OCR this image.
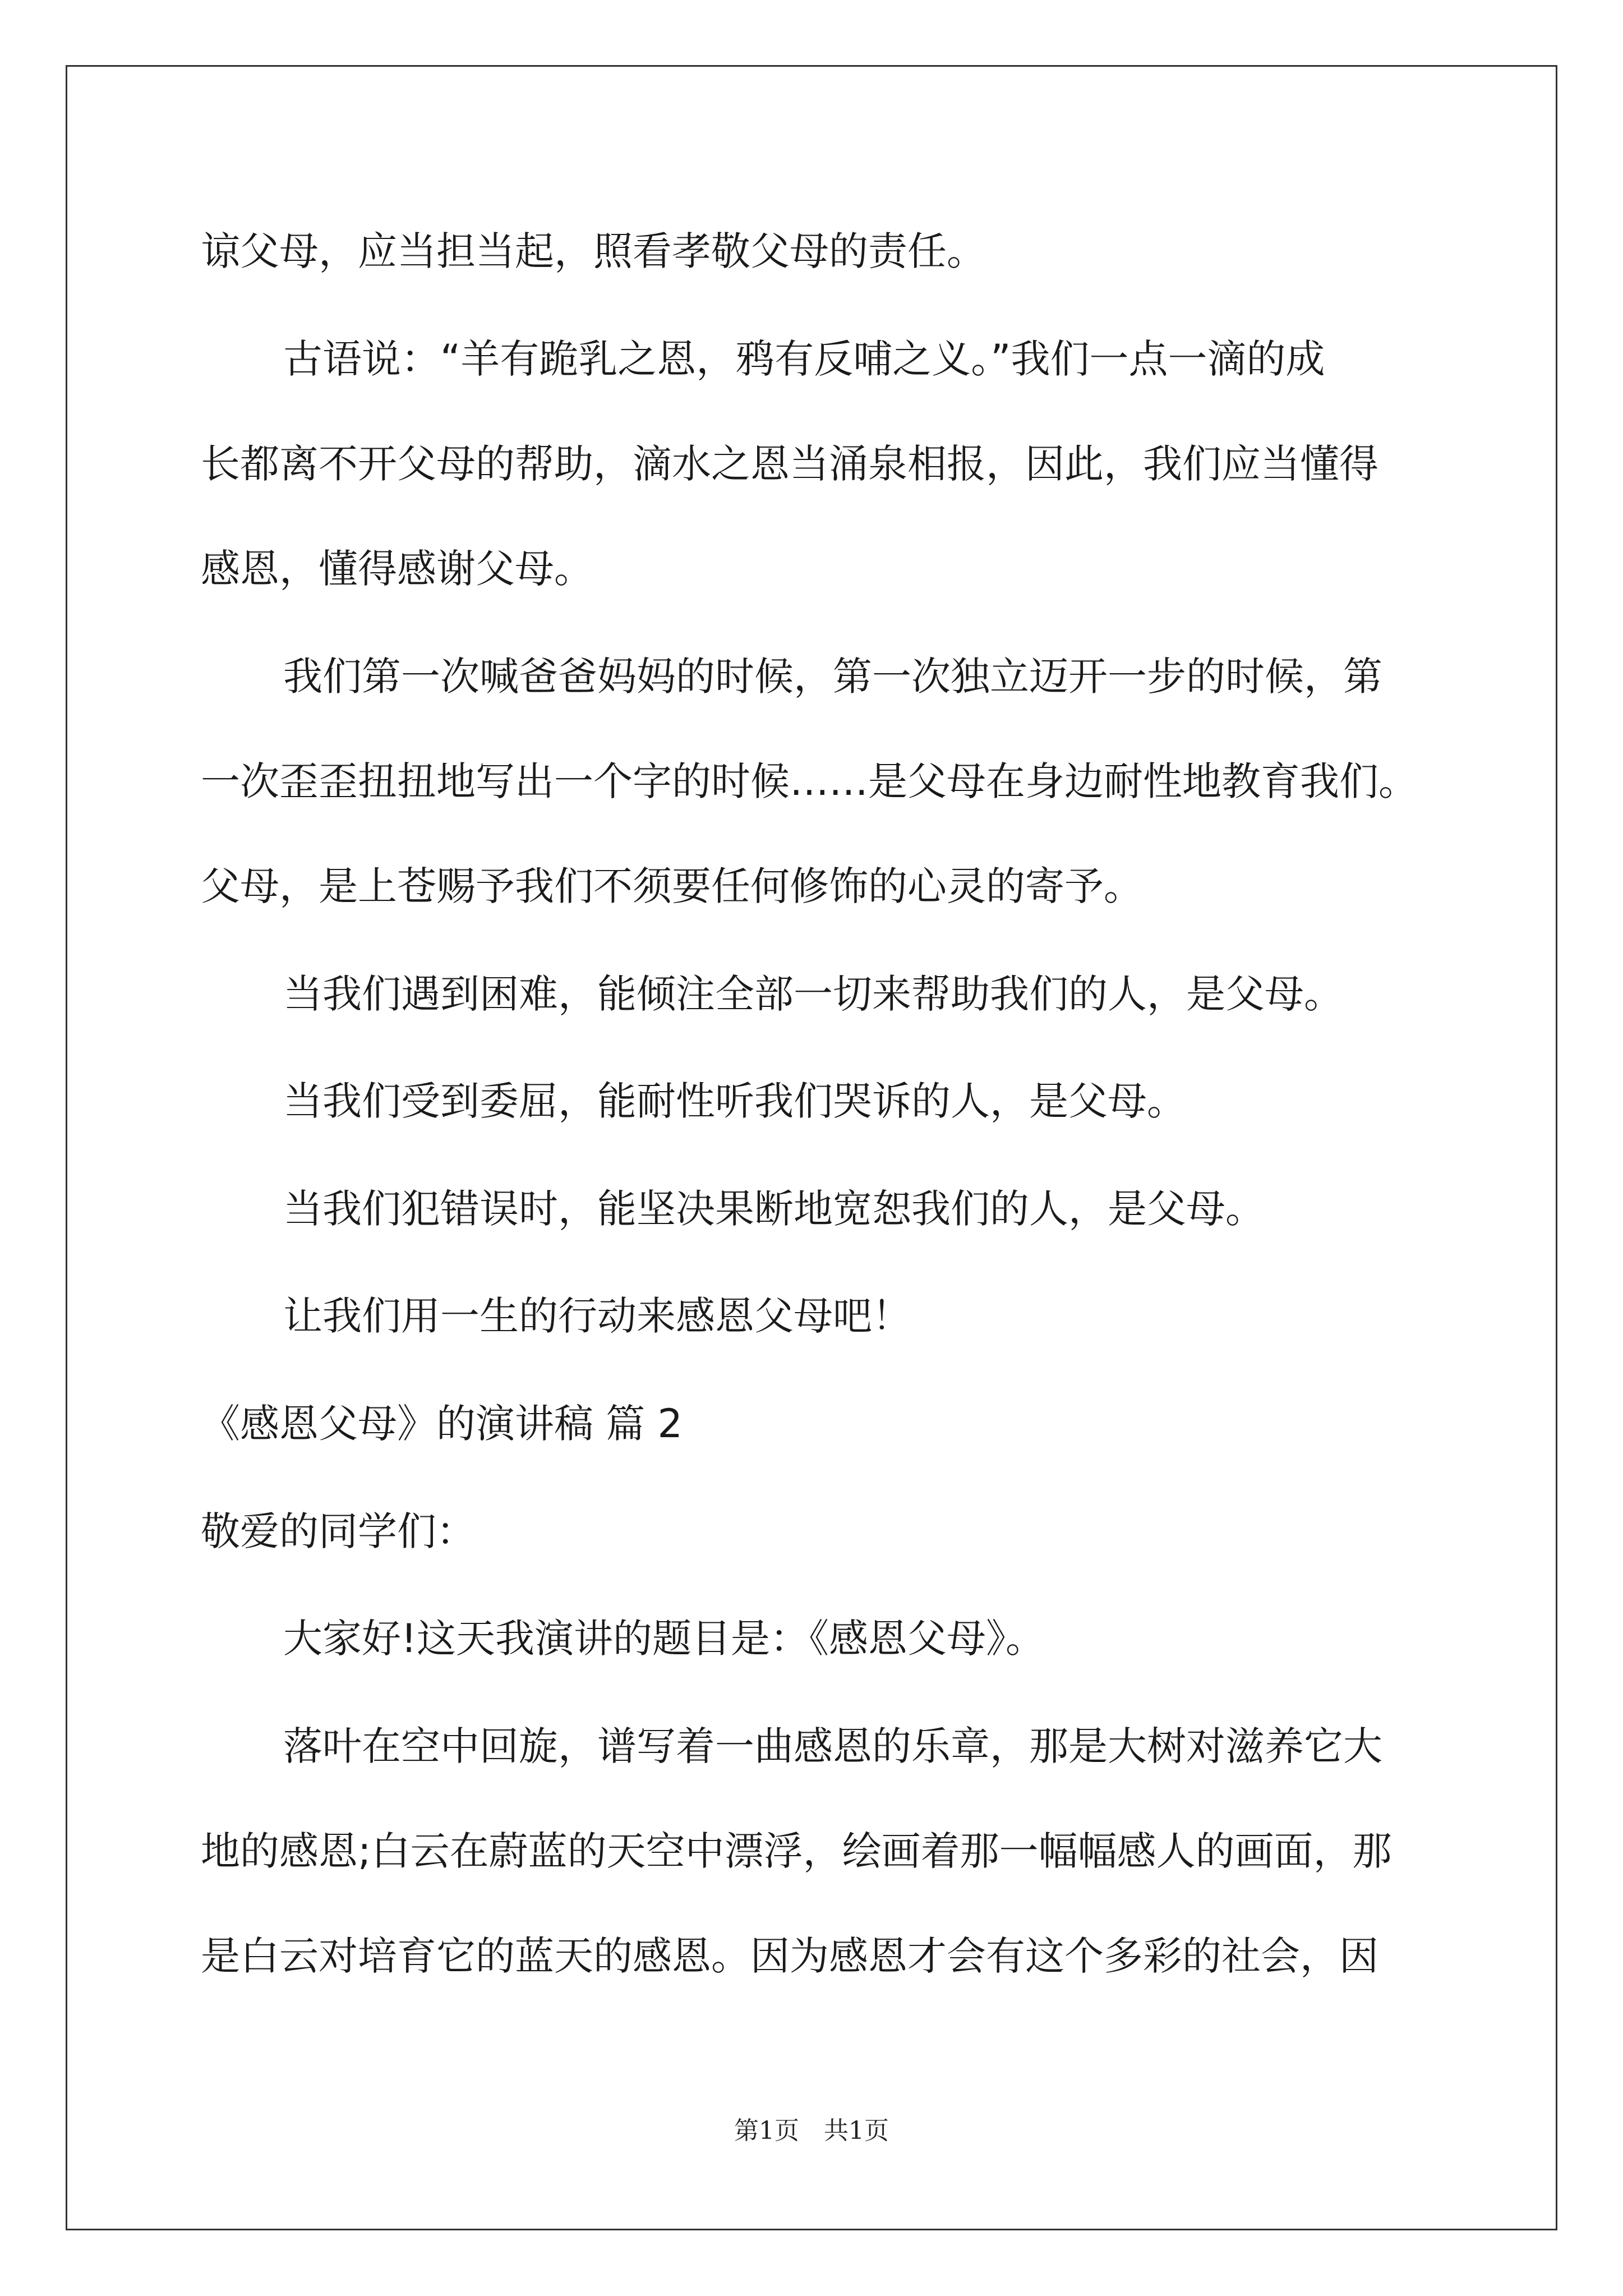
谅父母，应当担当起，照看孝敬父母的责任。
古语说：“羊有跪乳之恩，鸦有反哺之义。”我们一点一滴的成
长都离不开父母的帮助，滴水之恩当涌泉相报，因此，我们应当懂得
感恩，懂得感谢父母。
我们第一次喊爸爸妈妈的时候，第一次独立迈开一步的时候，第
一次歪歪扭扭地写出一个字的时候……是父母在身边耐性地教育我们。
父母，是上苍赐予我们不须要任何修饰的心灵的寄予。
当我们遇到困难，能倾注全部一切来帮助我们的人，是父母。
当我们受到委屈，能耐性听我们哭诉的人，是父母。
当我们犯错误时，能坚决果断地宽恕我们的人，是父母。
让我们用一生的行动来感恩父母吧！
《感恩父母》的演讲稿 篇 2
敬爱的同学们：
大家好!这天我演讲的题目是：《感恩父母》。
落叶在空中回旋，谱写着一曲感恩的乐章，那是大树对滋养它大
地的感恩;白云在蔚蓝的天空中漂浮，绘画着那一幅幅感人的画面，那
是白云对培育它的蓝天的感恩。因为感恩才会有这个多彩的社会，因
第1页　共1页
